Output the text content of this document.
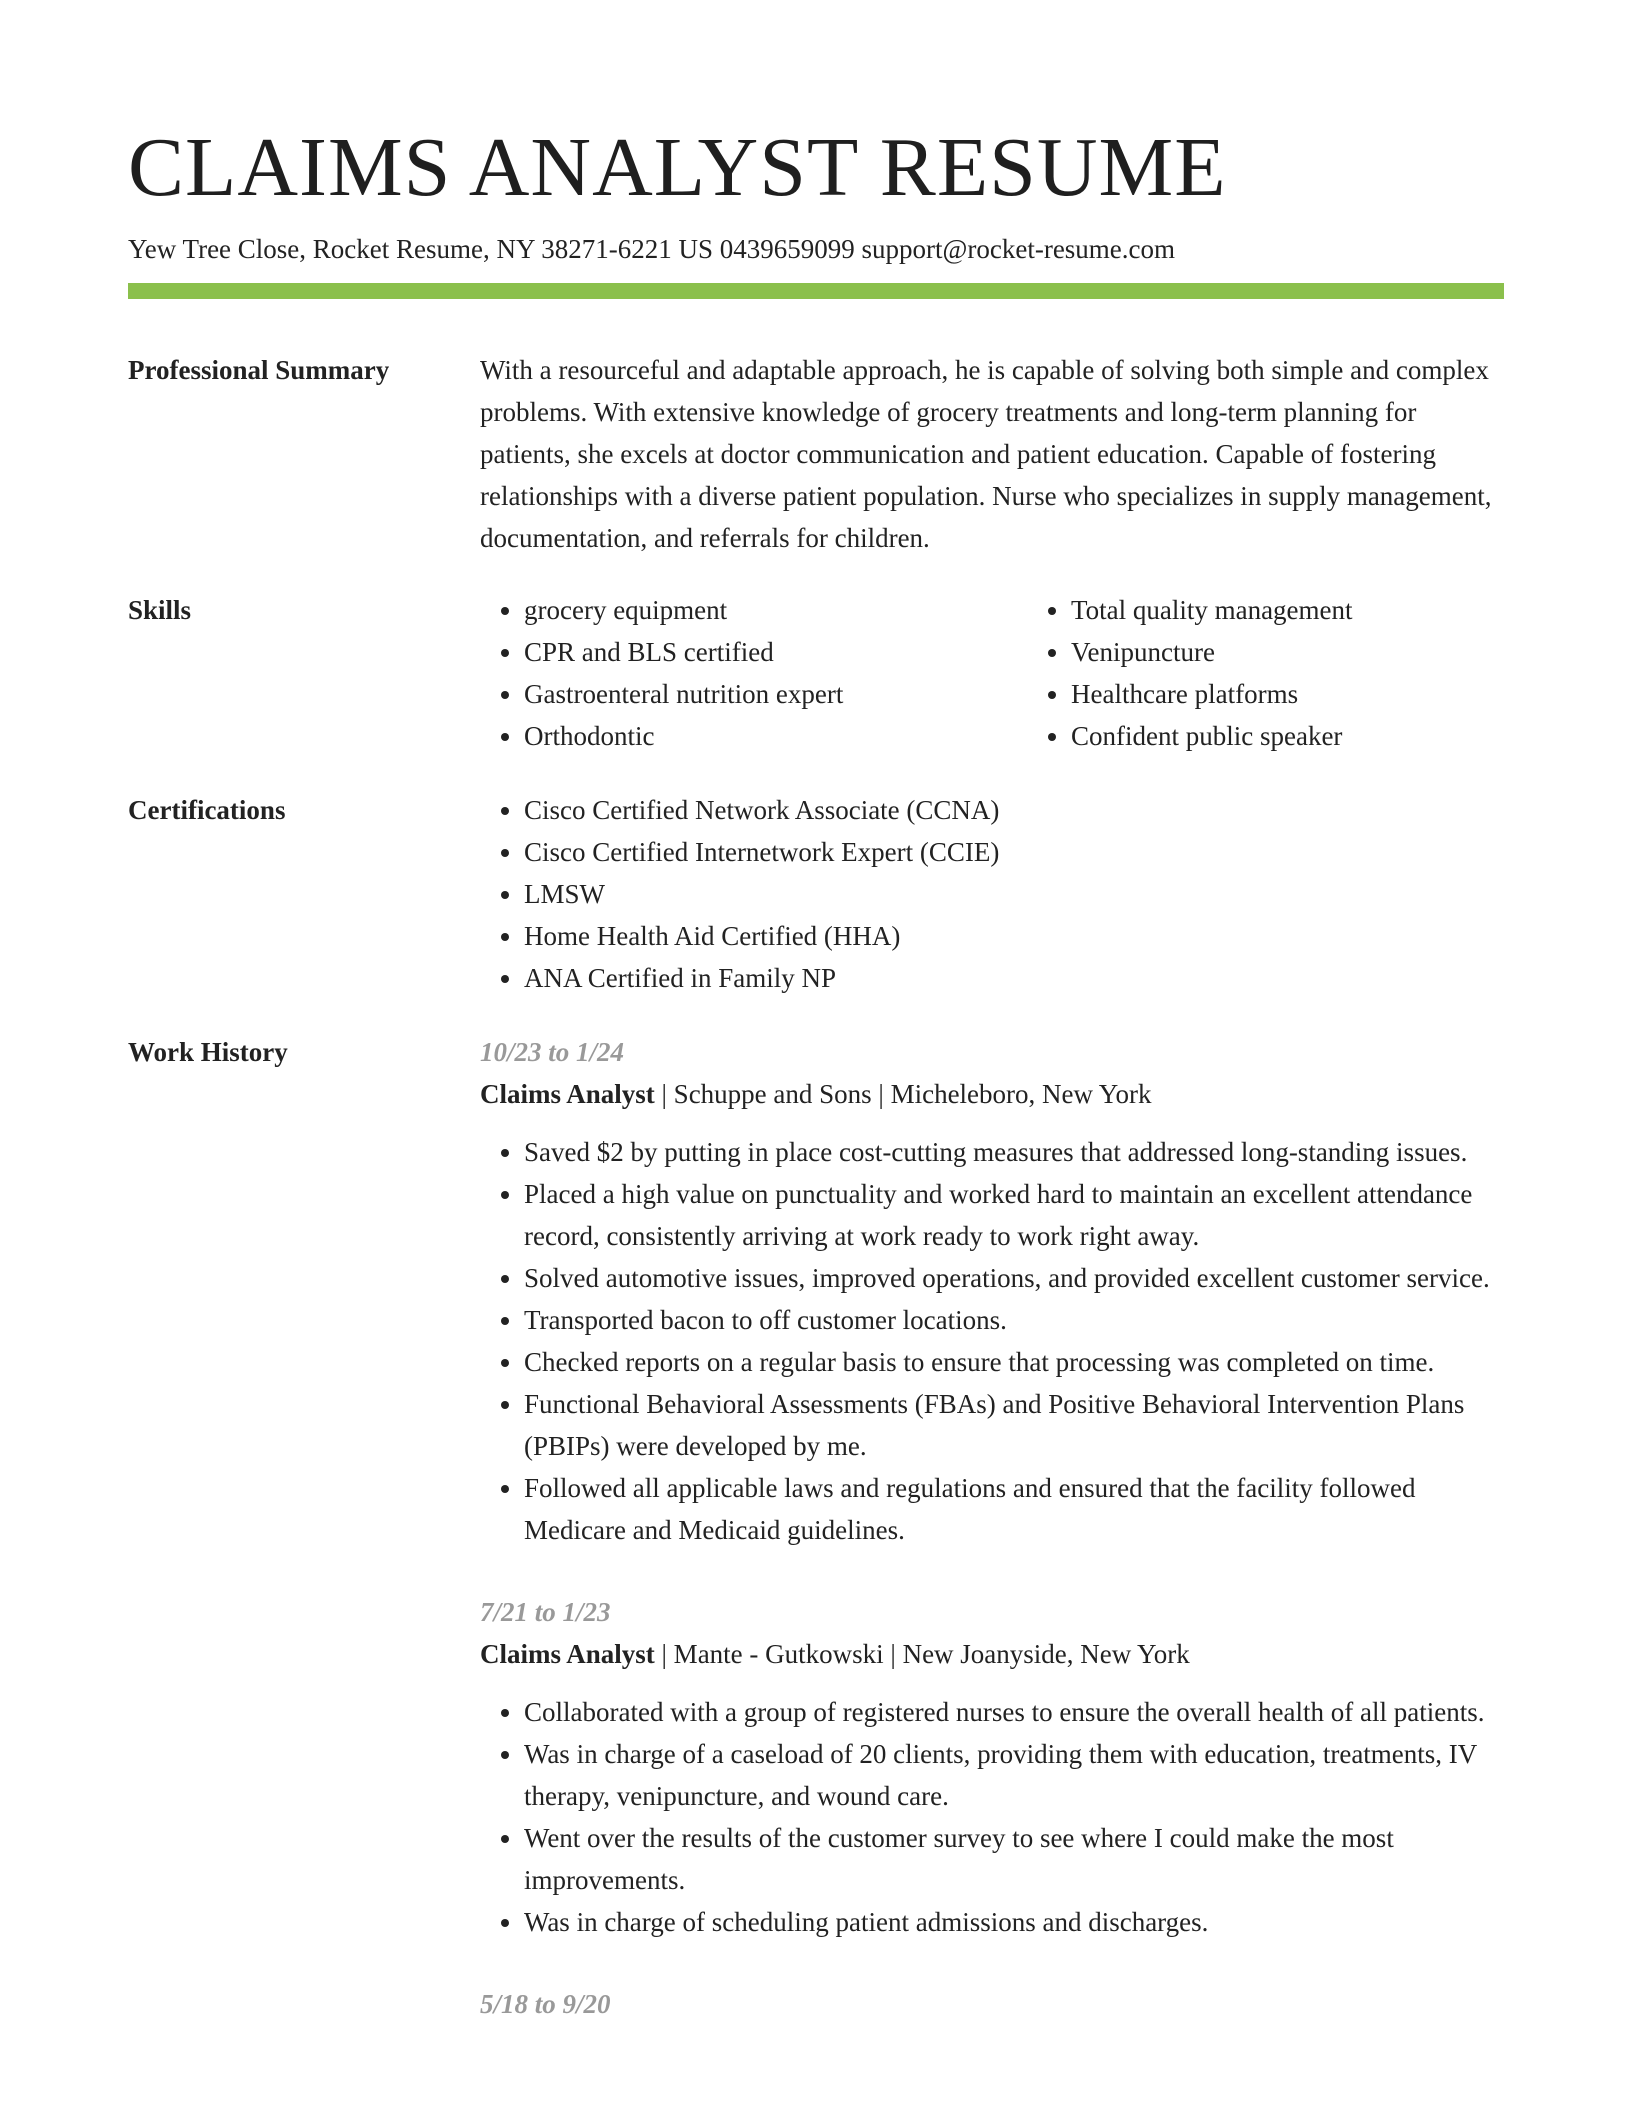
CLAIMS ANALYST RESUME
Yew Tree Close, Rocket Resume, NY 38271-6221 US 0439659099 support@rocket-resume.com
Professional Summary	With a resourceful and adaptable approach, he is capable of solving both simple and complex problems. With extensive knowledge of grocery treatments and long-term planning for patients, she excels at doctor communication and patient education. Capable of fostering relationships with a diverse patient population. Nurse who specializes in supply management, documentation, and referrals for children.
Skills	• grocery equipment
• CPR and BLS certified
• Gastroenteral nutrition expert
• Orthodontic
• Total quality management
• Venipuncture
• Healthcare platforms
• Confident public speaker
Certifications	• Cisco Certified Network Associate (CCNA)
• Cisco Certified Internetwork Expert (CCIE)
• LMSW
• Home Health Aid Certified (HHA)
• ANA Certified in Family NP
Work History	10/23 to 1/24
Claims Analyst | Schuppe and Sons | Micheleboro, New York
• Saved $2 by putting in place cost-cutting measures that addressed long-standing issues.
• Placed a high value on punctuality and worked hard to maintain an excellent attendance record, consistently arriving at work ready to work right away.
• Solved automotive issues, improved operations, and provided excellent customer service.
• Transported bacon to off customer locations.
• Checked reports on a regular basis to ensure that processing was completed on time.
• Functional Behavioral Assessments (FBAs) and Positive Behavioral Intervention Plans (PBIPs) were developed by me.
• Followed all applicable laws and regulations and ensured that the facility followed Medicare and Medicaid guidelines.
7/21 to 1/23
Claims Analyst | Mante - Gutkowski | New Joanyside, New York
• Collaborated with a group of registered nurses to ensure the overall health of all patients.
• Was in charge of a caseload of 20 clients, providing them with education, treatments, IV therapy, venipuncture, and wound care.
• Went over the results of the customer survey to see where I could make the most improvements.
• Was in charge of scheduling patient admissions and discharges.
5/18 to 9/20
